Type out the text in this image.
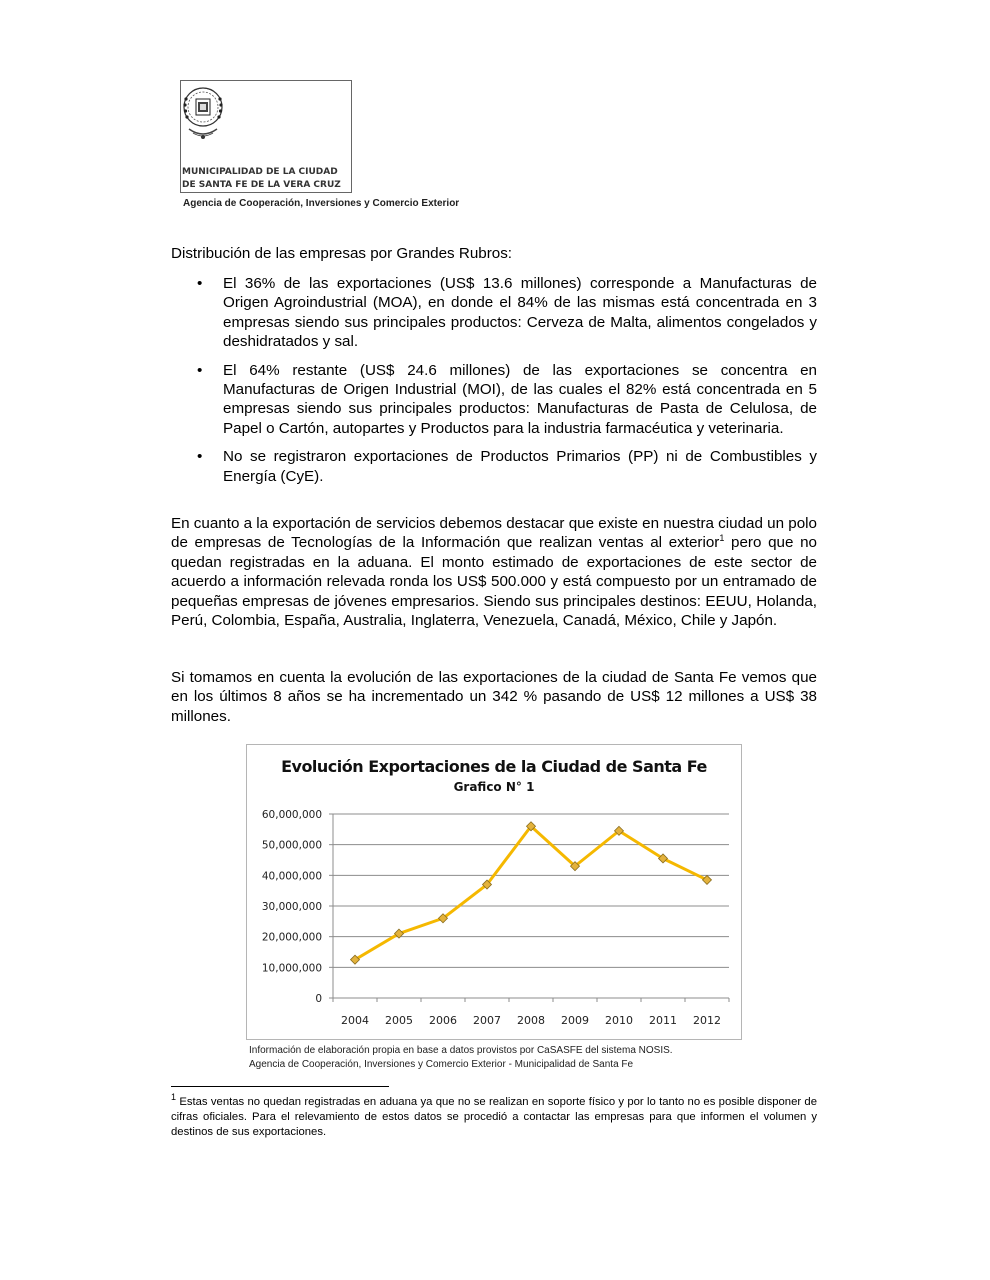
MUNICIPALIDAD DE LA CIUDAD
DE SANTA FE DE LA VERA CRUZ
Agencia de Cooperación, Inversiones y Comercio Exterior
Distribución de las empresas por Grandes Rubros:
• El 36% de las exportaciones (US$ 13.6 millones) corresponde a Manufacturas de Origen Agroindustrial (MOA), en donde el 84% de las mismas está concentrada en 3 empresas siendo sus principales productos: Cerveza de Malta, alimentos congelados y deshidratados y sal.
• El 64% restante (US$ 24.6 millones) de las exportaciones se concentra en Manufacturas de Origen Industrial (MOI), de las cuales el 82% está concentrada en 5 empresas siendo sus principales productos: Manufacturas de Pasta de Celulosa, de Papel o Cartón, autopartes y Productos para la industria farmacéutica y veterinaria.
• No se registraron exportaciones de Productos Primarios (PP) ni de Combustibles y Energía (CyE).
En cuanto a la exportación de servicios debemos destacar que existe en nuestra ciudad un polo de empresas de Tecnologías de la Información que realizan ventas al exterior$^1$ pero que no quedan registradas en la aduana. El monto estimado de exportaciones de este sector de acuerdo a información relevada ronda los US$ 500.000 y está compuesto por un entramado de pequeñas empresas de jóvenes empresarios. Siendo sus principales destinos: EEUU, Holanda, Perú, Colombia, España, Australia, Inglaterra, Venezuela, Canadá, México, Chile y Japón.
Si tomamos en cuenta la evolución de las exportaciones de la ciudad de Santa Fe vemos que en los últimos 8 años se ha incrementado un 342 % pasando de US$ 12 millones a US$ 38 millones.
Evolución Exportaciones de la Ciudad de Santa Fe
Grafico N° 1
0
10,000,000
20,000,000
30,000,000
40,000,000
50,000,000
60,000,000
2004 2005 2006 2007 2008 2009 2010 2011 2012
Información de elaboración propia en base a datos provistos por CaSASFE del sistema NOSIS.
Agencia de Cooperación, Inversiones y Comercio Exterior - Municipalidad de Santa Fe
$^1$ Estas ventas no quedan registradas en aduana ya que no se realizan en soporte físico y por lo tanto no es posible disponer de cifras oficiales. Para el relevamiento de estos datos se procedió a contactar las empresas para que informen el volumen y destinos de sus exportaciones.
